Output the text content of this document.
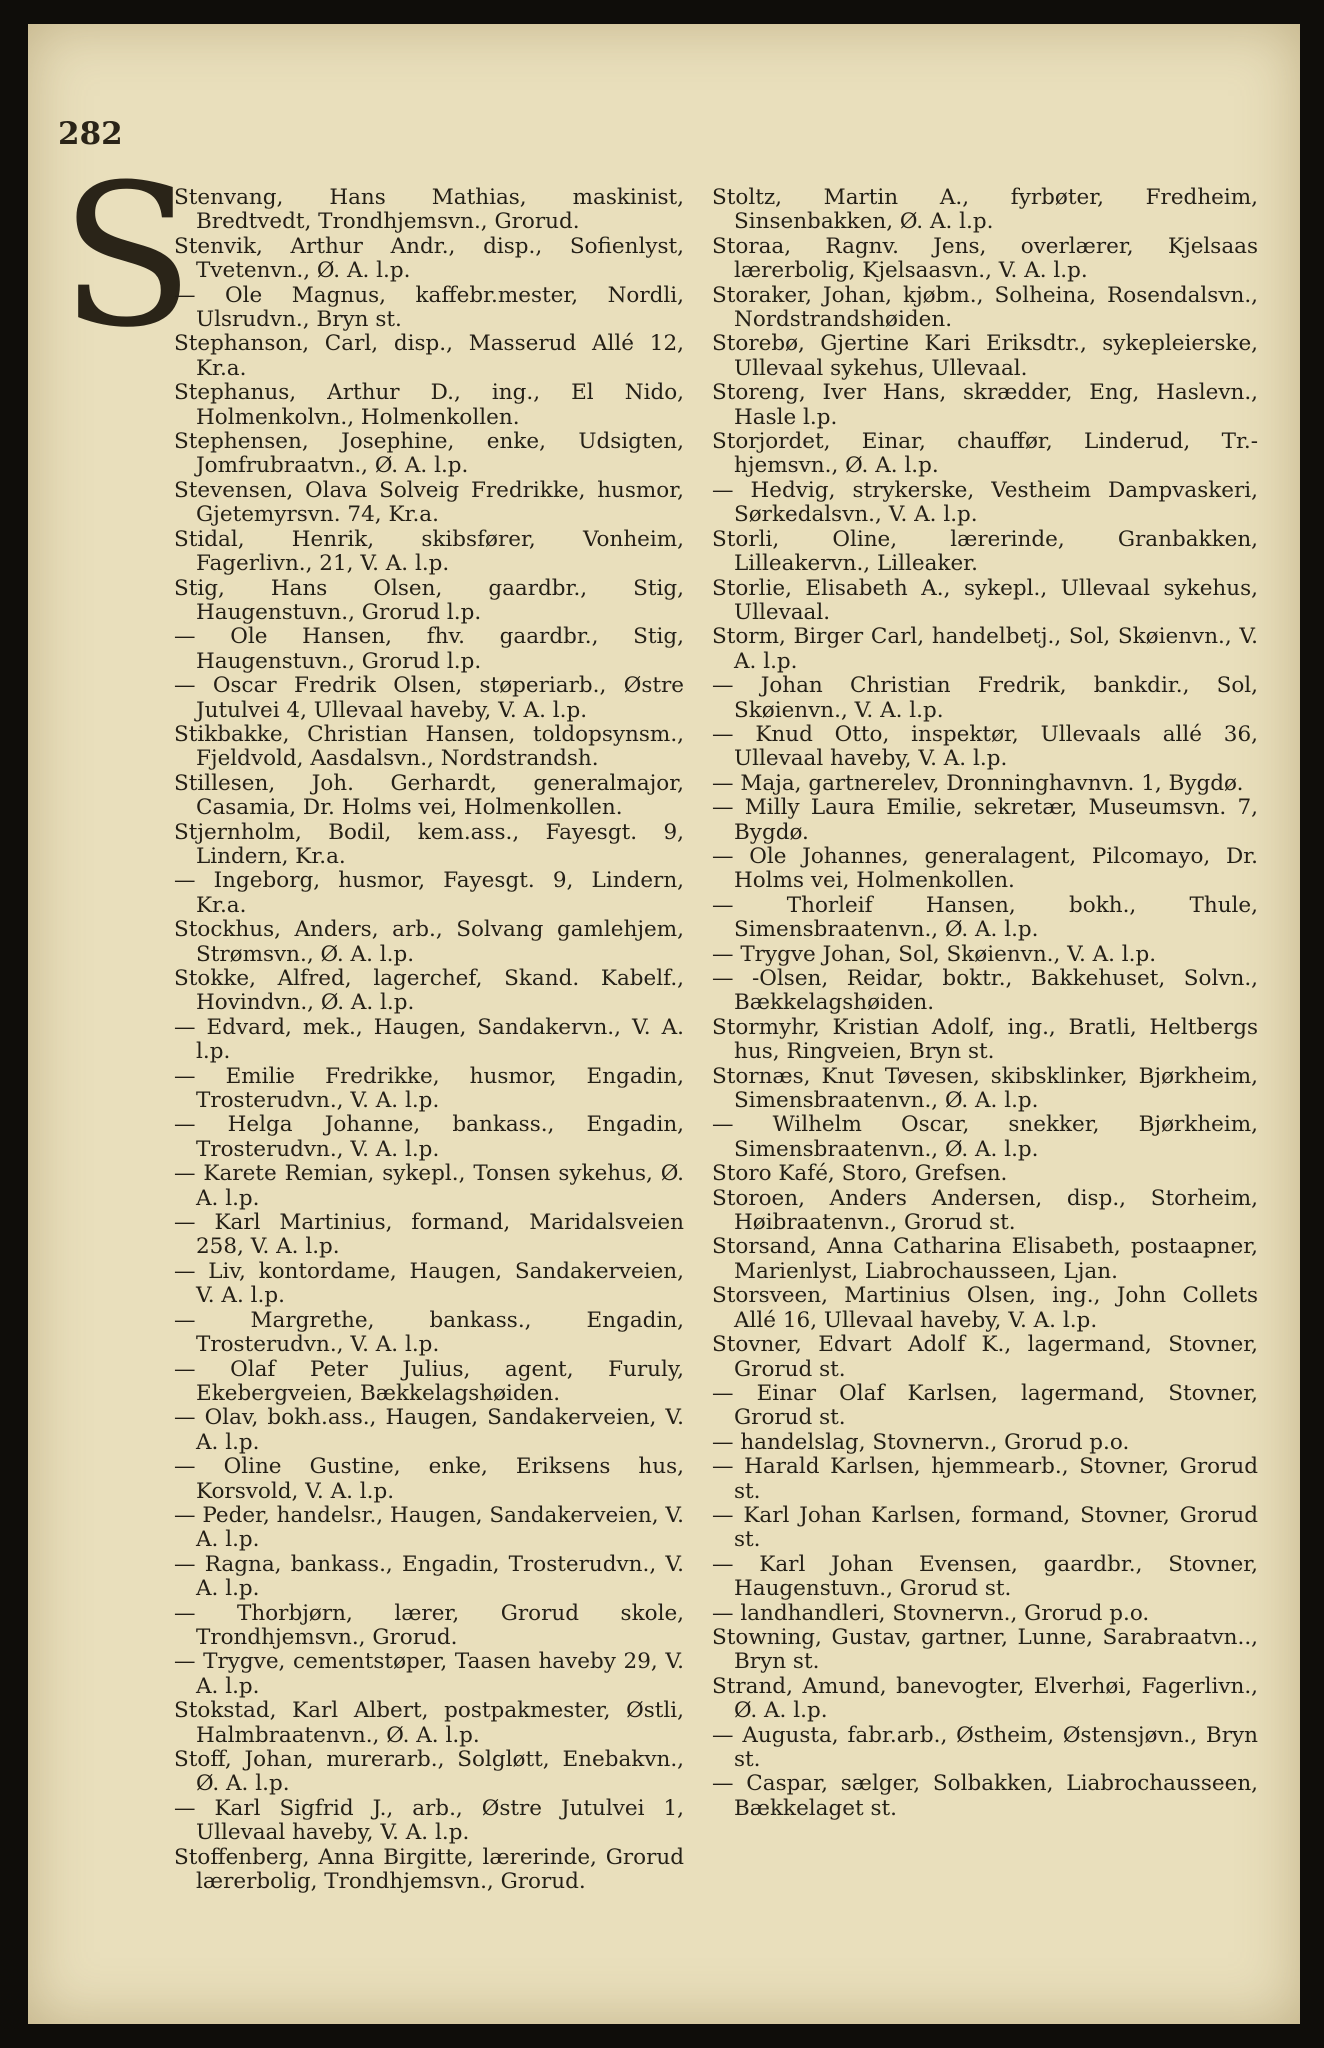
282
S
Stenvang, Hans Mathias, maskinist, Bredtvedt, Trondhjemsvn., Grorud.
Stenvik, Arthur Andr., disp., Sofienlyst, Tvetenvn., Ø. A. l.p.
— Ole Magnus, kaffebr.mester, Nordli, Ulsrudvn., Bryn st.
Stephanson, Carl, disp., Masserud Allé 12, Kr.a.
Stephanus, Arthur D., ing., El Nido, Holmenkolvn., Holmenkollen.
Stephensen, Josephine, enke, Udsigten, Jomfrubraatvn., Ø. A. l.p.
Stevensen, Olava Solveig Fredrikke, husmor, Gjetemyrsvn. 74, Kr.a.
Stidal, Henrik, skibsfører, Vonheim, Fagerlivn., 21, V. A. l.p.
Stig, Hans Olsen, gaardbr., Stig, Haugenstuvn., Grorud l.p.
— Ole Hansen, fhv. gaardbr., Stig, Haugenstuvn., Grorud l.p.
— Oscar Fredrik Olsen, støperiarb., Østre Jutulvei 4, Ullevaal haveby, V. A. l.p.
Stikbakke, Christian Hansen, toldopsynsm., Fjeldvold, Aasdalsvn., Nordstrandsh.
Stillesen, Joh. Gerhardt, generalmajor, Casamia, Dr. Holms vei, Holmenkollen.
Stjernholm, Bodil, kem.ass., Fayesgt. 9, Lindern, Kr.a.
— Ingeborg, husmor, Fayesgt. 9, Lindern, Kr.a.
Stockhus, Anders, arb., Solvang gamlehjem, Strømsvn., Ø. A. l.p.
Stokke, Alfred, lagerchef, Skand. Kabelf., Hovindvn., Ø. A. l.p.
— Edvard, mek., Haugen, Sandakervn., V. A. l.p.
— Emilie Fredrikke, husmor, Engadin, Trosterudvn., V. A. l.p.
— Helga Johanne, bankass., Engadin, Trosterudvn., V. A. l.p.
— Karete Remian, sykepl., Tonsen sykehus, Ø. A. l.p.
— Karl Martinius, formand, Maridalsveien 258, V. A. l.p.
— Liv, kontordame, Haugen, Sandakerveien, V. A. l.p.
— Margrethe, bankass., Engadin, Trosterudvn., V. A. l.p.
— Olaf Peter Julius, agent, Furuly, Ekebergveien, Bækkelagshøiden.
— Olav, bokh.ass., Haugen, Sandakerveien, V. A. l.p.
— Oline Gustine, enke, Eriksens hus, Korsvold, V. A. l.p.
— Peder, handelsr., Haugen, Sandakerveien, V. A. l.p.
— Ragna, bankass., Engadin, Trosterudvn., V. A. l.p.
— Thorbjørn, lærer, Grorud skole, Trondhjemsvn., Grorud.
— Trygve, cementstøper, Taasen haveby 29, V. A. l.p.
Stokstad, Karl Albert, postpakmester, Østli, Halmbraatenvn., Ø. A. l.p.
Stoff, Johan, murerarb., Solgløtt, Enebakvn., Ø. A. l.p.
— Karl Sigfrid J., arb., Østre Jutulvei 1, Ullevaal haveby, V. A. l.p.
Stoffenberg, Anna Birgitte, lærerinde, Grorud lærerbolig, Trondhjemsvn., Grorud.
Stoltz, Martin A., fyrbøter, Fredheim, Sinsenbakken, Ø. A. l.p.
Storaa, Ragnv. Jens, overlærer, Kjelsaas lærerbolig, Kjelsaasvn., V. A. l.p.
Storaker, Johan, kjøbm., Solheina, Rosendalsvn., Nordstrandshøiden.
Storebø, Gjertine Kari Eriksdtr., sykepleierske, Ullevaal sykehus, Ullevaal.
Storeng, Iver Hans, skrædder, Eng, Haslevn., Hasle l.p.
Storjordet, Einar, chauffør, Linderud, Tr.-hjemsvn., Ø. A. l.p.
— Hedvig, strykerske, Vestheim Dampvaskeri, Sørkedalsvn., V. A. l.p.
Storli, Oline, lærerinde, Granbakken, Lilleakervn., Lilleaker.
Storlie, Elisabeth A., sykepl., Ullevaal sykehus, Ullevaal.
Storm, Birger Carl, handelbetj., Sol, Skøienvn., V. A. l.p.
— Johan Christian Fredrik, bankdir., Sol, Skøienvn., V. A. l.p.
— Knud Otto, inspektør, Ullevaals allé 36, Ullevaal haveby, V. A. l.p.
— Maja, gartnerelev, Dronninghavnvn. 1, Bygdø.
— Milly Laura Emilie, sekretær, Museumsvn. 7, Bygdø.
— Ole Johannes, generalagent, Pilcomayo, Dr. Holms vei, Holmenkollen.
— Thorleif Hansen, bokh., Thule, Simensbraatenvn., Ø. A. l.p.
— Trygve Johan, Sol, Skøienvn., V. A. l.p.
— -Olsen, Reidar, boktr., Bakkehuset, Solvn., Bækkelagshøiden.
Stormyhr, Kristian Adolf, ing., Bratli, Heltbergs hus, Ringveien, Bryn st.
Stornæs, Knut Tøvesen, skibsklinker, Bjørkheim, Simensbraatenvn., Ø. A. l.p.
— Wilhelm Oscar, snekker, Bjørkheim, Simensbraatenvn., Ø. A. l.p.
Storo Kafé, Storo, Grefsen.
Storoen, Anders Andersen, disp., Storheim, Høibraatenvn., Grorud st.
Storsand, Anna Catharina Elisabeth, postaapner, Marienlyst, Liabrochausseen, Ljan.
Storsveen, Martinius Olsen, ing., John Collets Allé 16, Ullevaal haveby, V. A. l.p.
Stovner, Edvart Adolf K., lagermand, Stovner, Grorud st.
— Einar Olaf Karlsen, lagermand, Stovner, Grorud st.
— handelslag, Stovnervn., Grorud p.o.
— Harald Karlsen, hjemmearb., Stovner, Grorud st.
— Karl Johan Karlsen, formand, Stovner, Grorud st.
— Karl Johan Evensen, gaardbr., Stovner, Haugenstuvn., Grorud st.
— landhandleri, Stovnervn., Grorud p.o.
Stowning, Gustav, gartner, Lunne, Sarabraatvn.., Bryn st.
Strand, Amund, banevogter, Elverhøi, Fagerlivn., Ø. A. l.p.
— Augusta, fabr.arb., Østheim, Østensjøvn., Bryn st.
— Caspar, sælger, Solbakken, Liabrochausseen, Bækkelaget st.
